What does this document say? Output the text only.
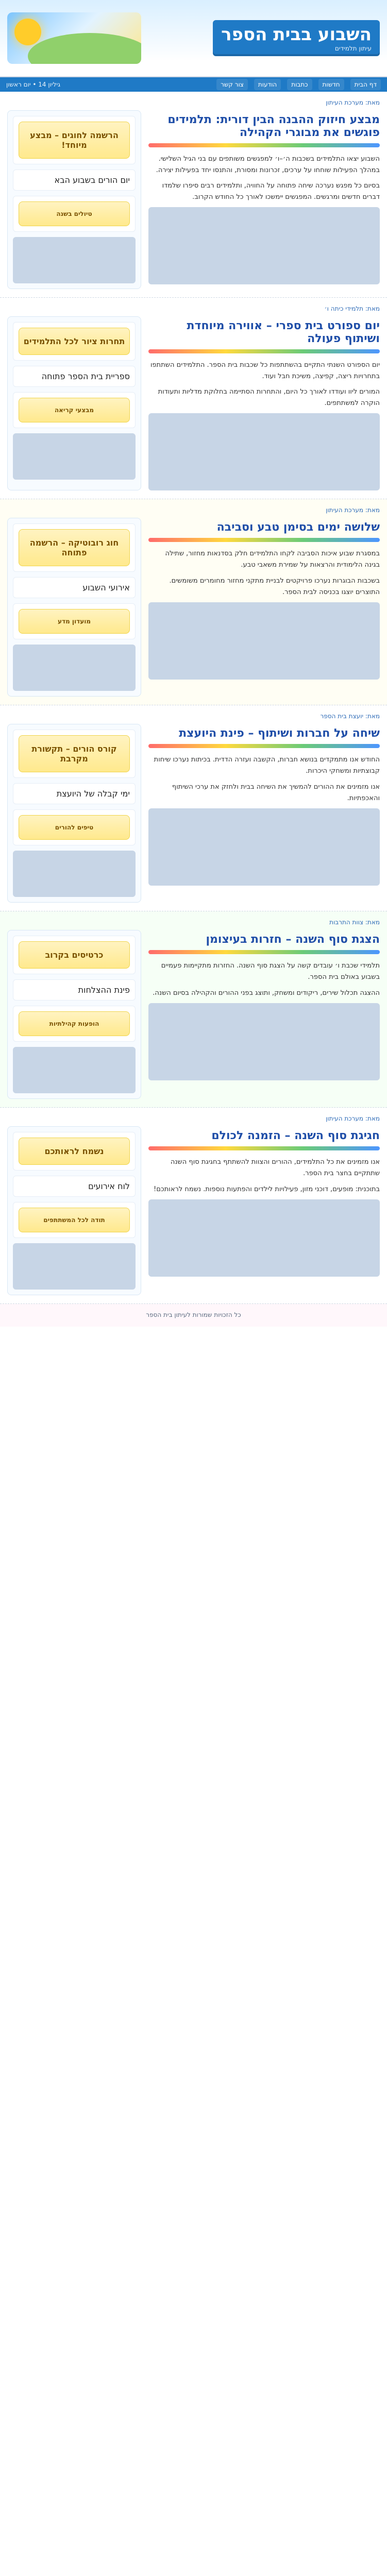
השבוע בבית הספר
עיתון תלמידים
דף הבית
חדשות
כתבות
הודעות
צור קשר
גיליון 14 • יום ראשון
מאת: מערכת העיתון
מבצע חיזוק ההבנה הבין דורית: תלמידים פוגשים את מבוגרי הקהילה

השבוע יצאו התלמידים בשכבות ה׳–ו׳ למפגשים משותפים עם בני הגיל השלישי. במהלך הפעילות שוחחו על ערכים, זכרונות ומסורת, והתנסו יחד בפעילות יצירה.

בסיום כל מפגש נערכה שיחה פתוחה על החוויה, ותלמידים רבים סיפרו שלמדו דברים חדשים ומרגשים. המפגשים יימשכו לאורך כל החודש הקרוב.

הרשמה לחוגים – מבצע מיוחד!
יום הורים בשבוע הבא
טיולים בשנה
מאת: תלמידי כיתה ו׳
יום ספורט בית ספרי – אווירה מיוחדת ושיתוף פעולה

יום הספורט השנתי התקיים בהשתתפות כל שכבות בית הספר. התלמידים השתתפו בתחרויות ריצה, קפיצה, משיכת חבל ועוד.

המורים ליוו ועודדו לאורך כל היום, והתחרות הסתיימה בחלוקת מדליות ותעודות הוקרה למשתתפים.

תחרות ציור לכל התלמידים
ספריית בית הספר פתוחה
מבצעי קריאה
מאת: מערכת העיתון
שלושה ימים בסימן טבע וסביבה

במסגרת שבוע איכות הסביבה לקחו התלמידים חלק בסדנאות מחזור, שתילה בגינה הלימודית והרצאות על שמירת משאבי טבע.

בשכבות הבוגרות נערכו פרויקטים לבניית מתקני מחזור מחומרים משומשים. התוצרים יוצגו בכניסה לבית הספר.

חוג רובוטיקה – הרשמה פתוחה
אירועי השבוע
מועדון מדע
מאת: יועצת בית הספר
שיחה על חברות ושיתוף – פינת היועצת

החודש אנו מתמקדים בנושא חברות, הקשבה ועזרה הדדית. בכיתות נערכו שיחות קבוצתיות ומשחקי היכרות.

אנו מזמינים את ההורים להמשיך את השיחה בבית ולחזק את ערכי השיתוף והאכפתיות.

קורס הורים – תקשורת מקרבת
ימי קבלה של היועצת
טיפים להורים
מאת: צוות התרבות
הצגת סוף השנה – חזרות בעיצומן

תלמידי שכבת ו׳ עובדים קשה על הצגת סוף השנה. החזרות מתקיימות פעמיים בשבוע באולם בית הספר.

ההצגה תכלול שירים, ריקודים ומשחק, ותוצג בפני ההורים והקהילה בסיום השנה.

כרטיסים בקרוב
פינת ההצלחות
הופעות קהילתיות
מאת: מערכת העיתון
חגיגת סוף השנה – הזמנה לכולם

אנו מזמינים את כל התלמידים, ההורים והצוות להשתתף בחגיגת סוף השנה שתתקיים בחצר בית הספר.

בתוכנית: מופעים, דוכני מזון, פעילויות לילדים והפתעות נוספות. נשמח לראותכם!

נשמח לראותכם
לוח אירועים
תודה לכל המשתתפים
כל הזכויות שמורות לעיתון בית הספר
